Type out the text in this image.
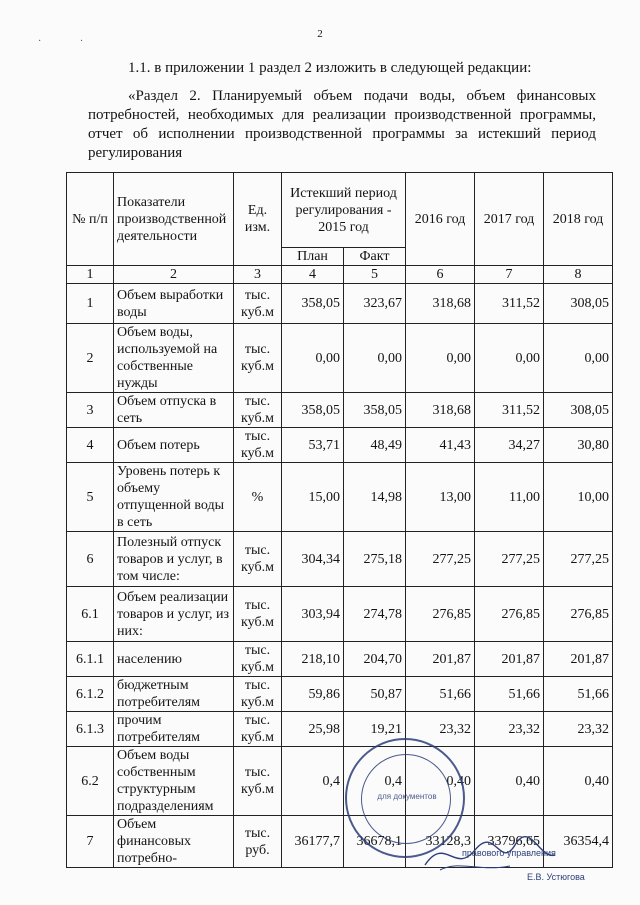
2
· ·
1.1. в приложении 1 раздел 2 изложить в следующей редакции:
«Раздел 2. Планируемый объем подачи воды, объем финансовых потребностей, необходимых для реализации производственной программы, отчет об исполнении производственной программы за истекший период регулирования
№ п/п	Показатели производственной деятельности	Ед. изм.	Истекший период регулирования - 2015 год		2016 год	2017 год	2018 год
			План	Факт			
1	2	3	4	5	6	7	8
1	Объем выработки воды	тыс. куб.м	358,05	323,67	318,68	311,52	308,05
2	Объем воды, используемой на собственные нужды	тыс. куб.м	0,00	0,00	0,00	0,00	0,00
3	Объем отпуска в сеть	тыс. куб.м	358,05	358,05	318,68	311,52	308,05
4	Объем потерь	тыс. куб.м	53,71	48,49	41,43	34,27	30,80
5	Уровень потерь к объему отпущенной воды в сеть	%	15,00	14,98	13,00	11,00	10,00
6	Полезный отпуск товаров и услуг, в том числе:	тыс. куб.м	304,34	275,18	277,25	277,25	277,25
6.1	Объем реализации товаров и услуг, из них:	тыс. куб.м	303,94	274,78	276,85	276,85	276,85
6.1.1	населению	тыс. куб.м	218,10	204,70	201,87	201,87	201,87
6.1.2	бюджетным потребителям	тыс. куб.м	59,86	50,87	51,66	51,66	51,66
6.1.3	прочим потребителям	тыс. куб.м	25,98	19,21	23,32	23,32	23,32
6.2	Объем воды собственным структурным подразделениям	тыс. куб.м	0,4	0,4	0,40	0,40	0,40
7	Объем финансовых потребно-	тыс. руб.	36177,7	36678,1	33128,3	33796,65	36354,4
для документов
правового управления
Е.В. Устюгова
